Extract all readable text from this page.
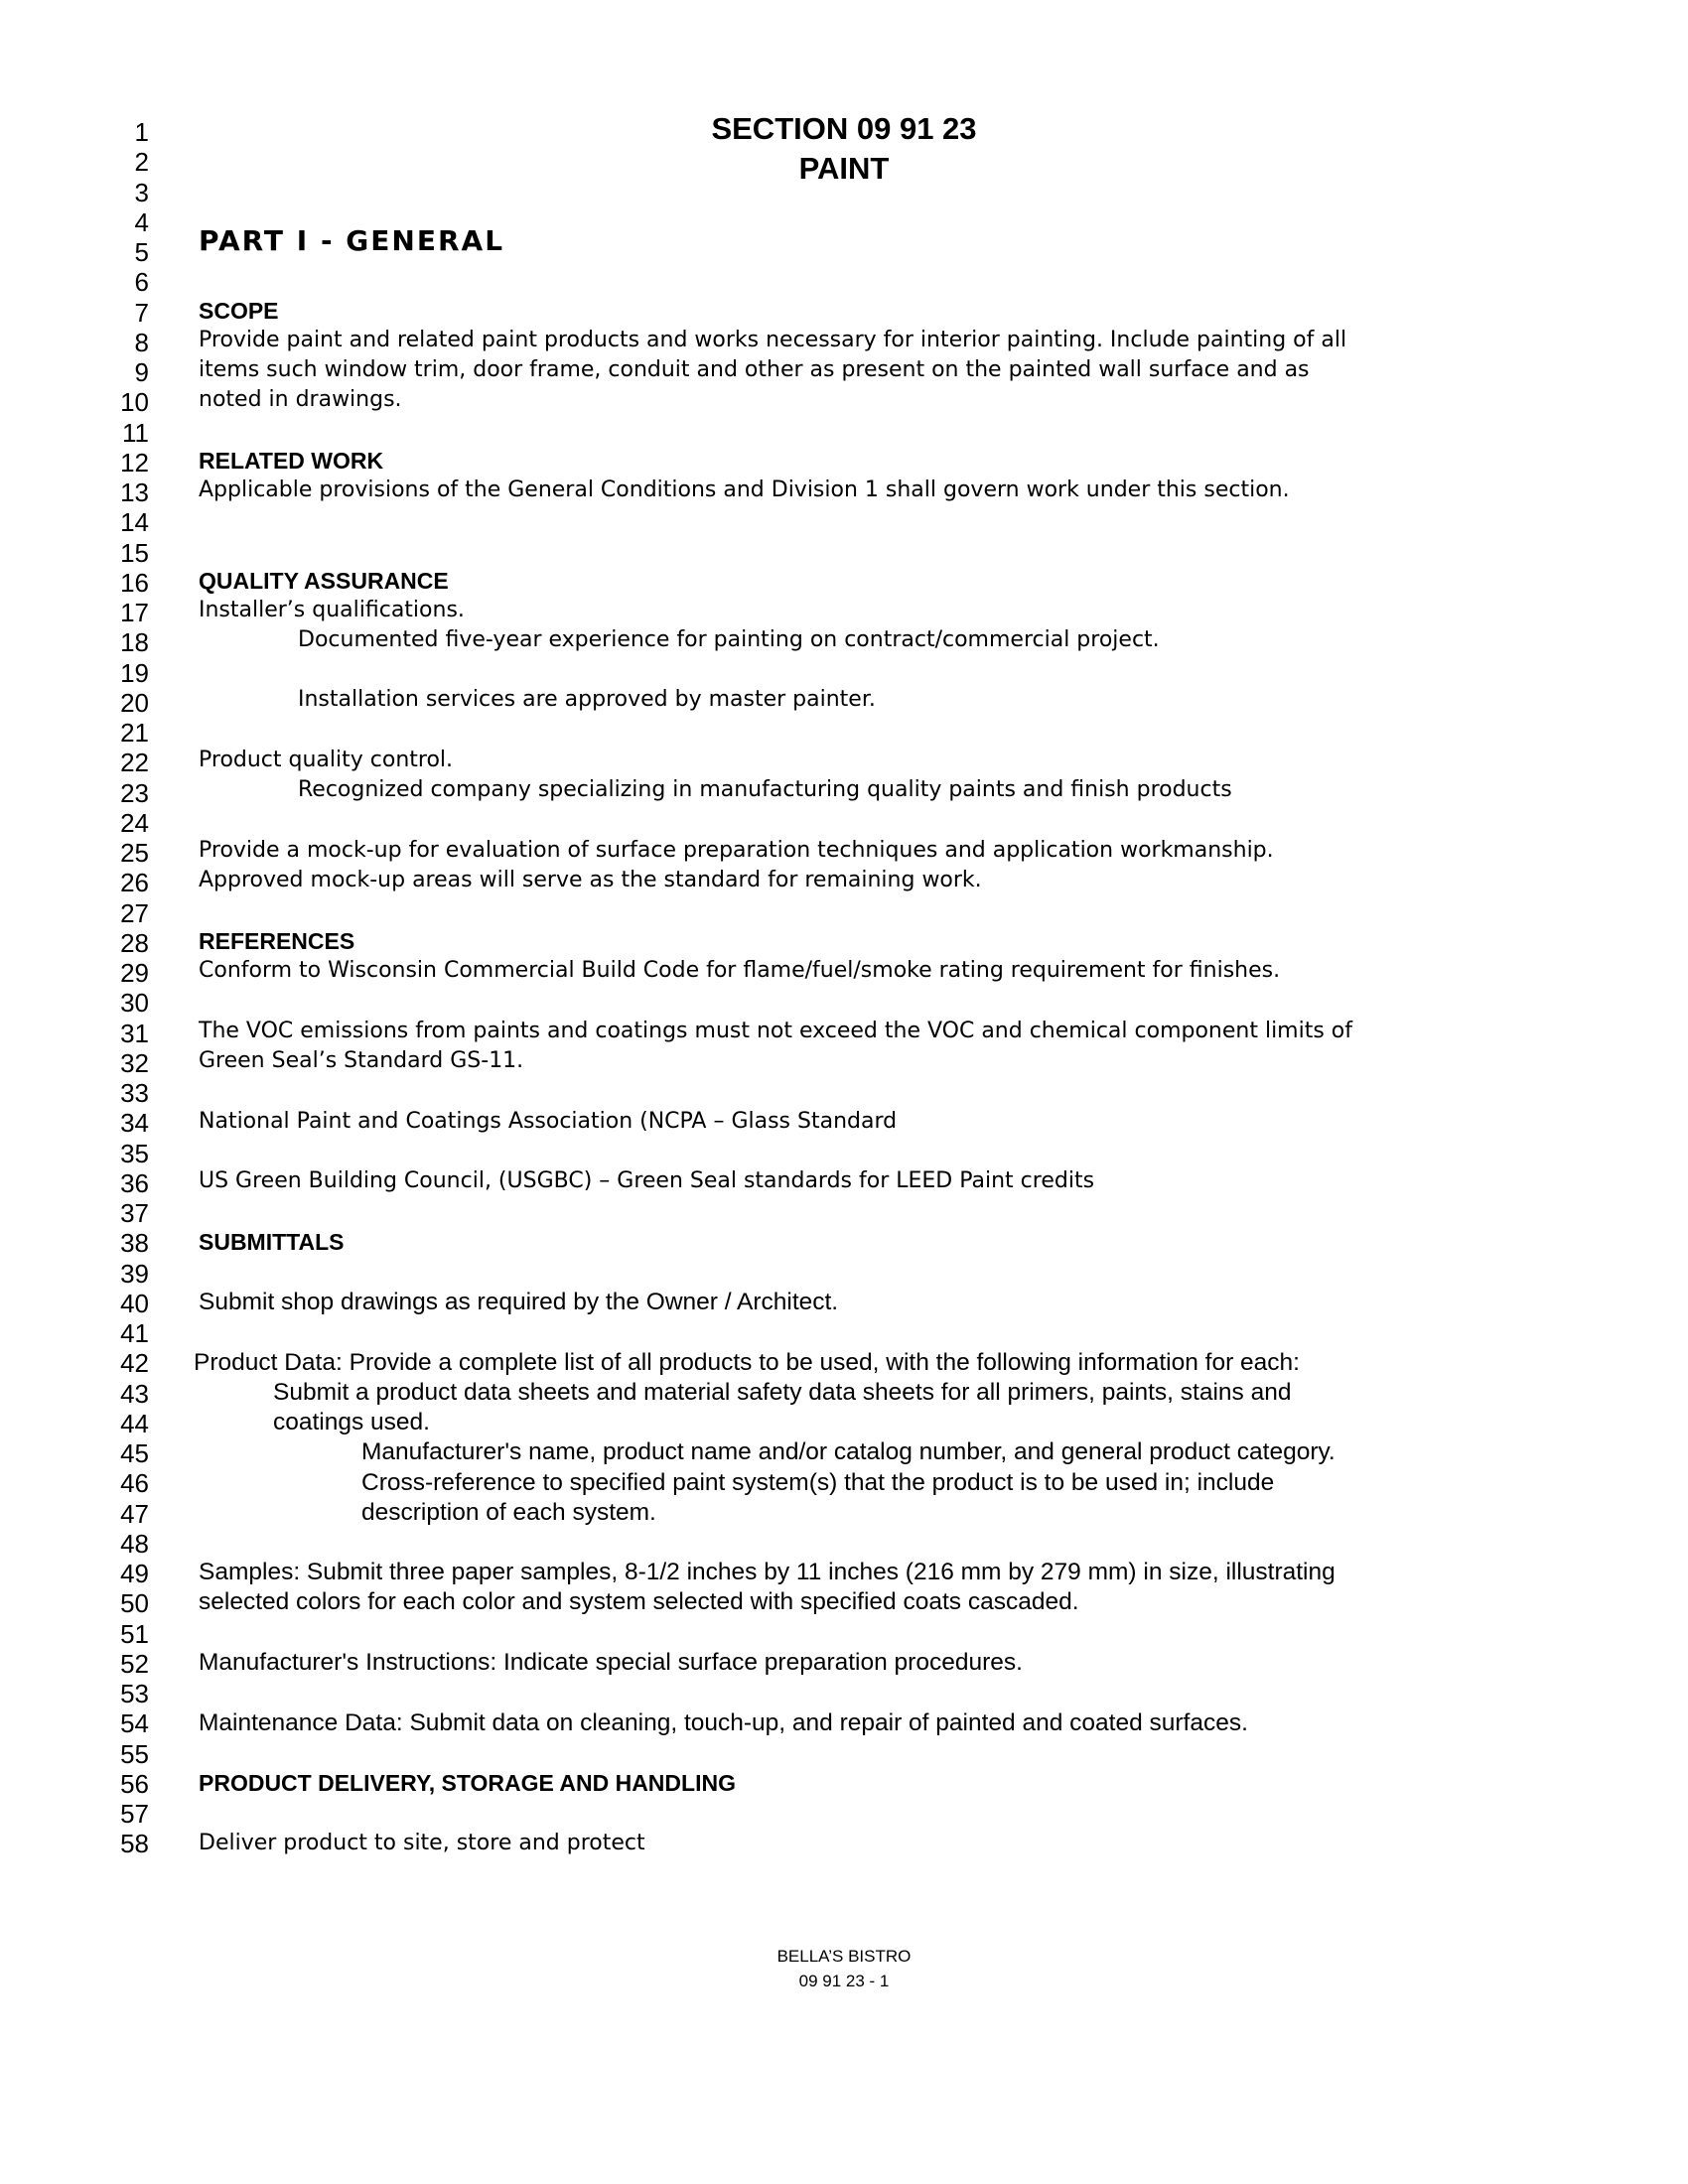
SECTION 09 91 23
PAINT
1
2
3
4
5
6
7
8
9
10
11
12
13
14
15
16
17
18
19
20
21
22
23
24
25
26
27
28
29
30
31
32
33
34
35
36
37
38
39
40
41
42
43
44
45
46
47
48
49
50
51
52
53
54
55
56
57
58
PART I - GENERAL
SCOPE
Provide paint and related paint products and works necessary for interior painting. Include painting of all
items such window trim, door frame, conduit and other as present on the painted wall surface and as
noted in drawings.
RELATED WORK
Applicable provisions of the General Conditions and Division 1 shall govern work under this section.
QUALITY ASSURANCE
Installer’s qualifications.
Documented five-year experience for painting on contract/commercial project.
Installation services are approved by master painter.
Product quality control.
Recognized company specializing in manufacturing quality paints and finish products
Provide a mock-up for evaluation of surface preparation techniques and application workmanship.
Approved mock-up areas will serve as the standard for remaining work.
REFERENCES
Conform to Wisconsin Commercial Build Code for flame/fuel/smoke rating requirement for finishes.
The VOC emissions from paints and coatings must not exceed the VOC and chemical component limits of
Green Seal’s Standard GS-11.
National Paint and Coatings Association (NCPA – Glass Standard
US Green Building Council, (USGBC) – Green Seal standards for LEED Paint credits
SUBMITTALS
Submit shop drawings as required by the Owner / Architect.
Product Data: Provide a complete list of all products to be used, with the following information for each:
Submit a product data sheets and material safety data sheets for all primers, paints, stains and
coatings used.
Manufacturer's name, product name and/or catalog number, and general product category.
Cross-reference to specified paint system(s) that the product is to be used in; include
description of each system.
Samples: Submit three paper samples, 8-1/2 inches by 11 inches (216 mm by 279 mm) in size, illustrating
selected colors for each color and system selected with specified coats cascaded.
Manufacturer's Instructions: Indicate special surface preparation procedures.
Maintenance Data: Submit data on cleaning, touch-up, and repair of painted and coated surfaces.
PRODUCT DELIVERY, STORAGE AND HANDLING
Deliver product to site, store and protect
BELLA’S BISTRO
09 91 23 - 1
